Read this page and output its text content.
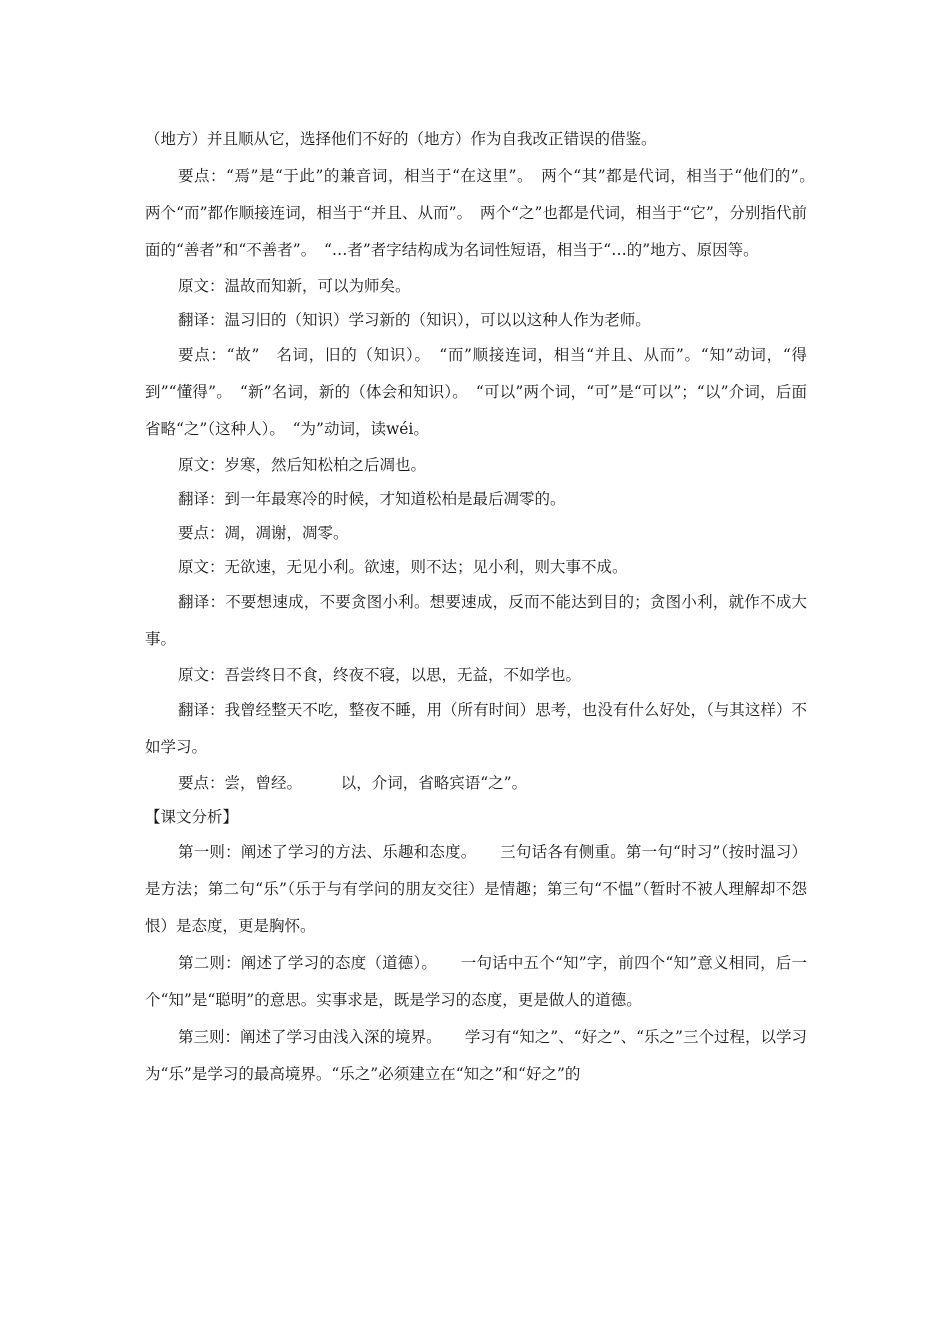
（地方）并且顺从它，选择他们不好的（地方）作为自我改正错误的借鉴。

要点：“焉”是“于此”的兼音词，相当于“在这里”。　两个“其”都是代词，相当于“他们的”。　两个“而”都作顺接连词，相当于“并且、从而”。　两个“之”也都是代词，相当于“它”，分别指代前面的“善者”和“不善者”。　“…者”者字结构成为名词性短语，相当于“…的”地方、原因等。

原文：温故而知新，可以为师矣。

翻译：温习旧的（知识）学习新的（知识），可以以这种人作为老师。

要点：“故”　名词，旧的（知识）。　“而”顺接连词，相当“并且、从而”。“知”动词，“得到”“懂得”。　“新”名词，新的（体会和知识）。　“可以”两个词，“可”是“可以”；“以”介词，后面省略“之”（这种人）。　“为”动词，读wéi。

原文：岁寒，然后知松柏之后凋也。

翻译：到一年最寒冷的时候，才知道松柏是最后凋零的。

要点：凋，凋谢，凋零。

原文：无欲速，无见小利。欲速，则不达；见小利，则大事不成。

翻译：不要想速成，不要贪图小利。想要速成，反而不能达到目的；贪图小利，就作不成大事。

原文：吾尝终日不食，终夜不寝，以思，无益，不如学也。

翻译：我曾经整天不吃，整夜不睡，用（所有时间）思考，也没有什么好处，（与其这样）不如学习。

要点：尝，曾经。　　　以，介词，省略宾语“之”。

【课文分析】

第一则：阐述了学习的方法、乐趣和态度。　　三句话各有侧重。第一句“时习”（按时温习）是方法；第二句“乐”（乐于与有学问的朋友交往）是情趣；第三句“不愠”（暂时不被人理解却不怨恨）是态度，更是胸怀。

第二则：阐述了学习的态度（道德）。　　一句话中五个“知”字，前四个“知”意义相同，后一个“知”是“聪明”的意思。实事求是，既是学习的态度，更是做人的道德。

第三则：阐述了学习由浅入深的境界。　　学习有“知之”、“好之”、“乐之”三个过程，以学习为“乐”是学习的最高境界。“乐之”必须建立在“知之”和“好之”的
